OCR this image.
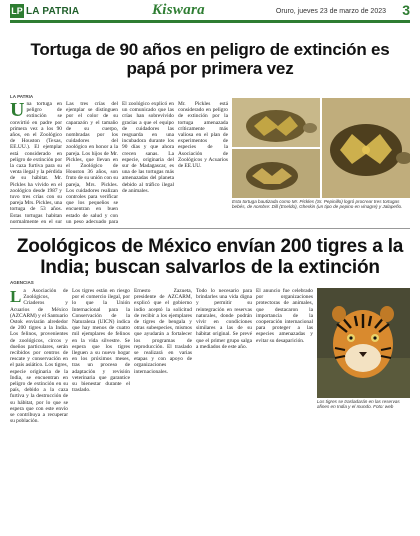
LP LA PATRIA	Kiswara	Oruro, jueves 23 de marzo de 2023 3
Tortuga de 90 años en peligro de extinción es papá por primera vez
LA PATRIA
U na tortuga en peligro de extinción se convirtió en padre por primera vez a los 90 años, en el Zoológico de Houston (Texas, EE.UU.). El ejemplar está considerado en peligro de extinción por la caza furtiva para su venta ilegal y la pérdida de su hábitat. Mr. Pickles ha vivido en el zoológico desde 1987 y tuvo tres crías con su pareja Mrs. Pickles, una tortuga de 53 años. Estas tortugas habitan normalmente en el sur
Las tres crías del ejemplar se distinguen por el color de su caparazón y el tamaño de su cuerpo, nombradas por los cuidadores del zoológico en honor a la pareja. Los hijos de Mr. Pickles, que llevan en el Zoológico de Houston 36 años, son fruto de su unión con su pareja, Mrs. Pickles. Los cuidadores realizan controles para verificar que los pequeños se encuentran en buen estado de salud y con un peso adecuado para
El zoológico explicó en un comunicado que las crías han sobrevivido gracias a que el equipo de cuidadores las resguarda en una incubadora durante los 90 días y que ahora crecen sanas. La especie, originaria del sur de Madagascar, es una de las tortugas más amenazadas del planeta debido al tráfico ilegal de animales.
Mr. Pickles está considerado en peligro de extinción por la tortuga amenazada críticamente más valiosa en el plan de experimentos de especies de la Asociación de Zoológicos y Acuarios de EE.UU.
Esta tortuga bautizada como Mr. Pickles (Sr. Pepinillo) logró procrear tres tortugas bebés, de nombre: Dill (Eneldo), Gherkin (un tipo de pepino en vinagre) y Jalapeño.
Zoológicos de México envían 200 tigres a la India; buscan salvarlos de la extinción
AGENCIAS
L a Asociación de Zoológicos, Criaderos y Acuarios de México (AZCARM) y el Santuario Ostok enviarán alrededor de 200 tigres a la India. Los felinos, provenientes de zoológicos, circos y dueños particulares, serán recibidos por centros de rescate y conservación en el país asiático. Los tigres, especie originaria de la India, se encuentran en peligro de extinción en su país, debido a la caza furtiva y la destrucción de su hábitat, por lo que se espera que con este envío se contribuya a recuperar su población.
Los tigres están en riesgo por el comercio ilegal, por lo que la Unión Internacional para la Conservación de la Naturaleza (UICN) indica que hay menos de cuatro mil ejemplares de felinos en la vida silvestre. Se espera que los tigres lleguen a su nuevo hogar en los próximos meses, tras un proceso de adaptación y revisión veterinaria que garantice su bienestar durante el traslado.
Ernesto Zazueta, presidente de AZCARM, explicó que el gobierno indio aceptó la solicitud de recibir a los ejemplares de tigres de bengala y otras subespecies, mismos que ayudarán a fortalecer los programas de reproducción. El traslado se realizará en varias etapas y con apoyo de organizaciones internacionales.
Todo lo necesario para brindarles una vida digna y permitir su reintegración en reservas naturales, donde podrán vivir en condiciones similares a las de su hábitat original. Se prevé que el primer grupo salga a mediados de este año.
El anuncio fue celebrado por organizaciones protectoras de animales, que destacaron la importancia de la cooperación internacional para proteger a las especies amenazadas y evitar su desaparición.
Los tigres se trasladarán en las reservas afines en India y el mundo. Foto: web
